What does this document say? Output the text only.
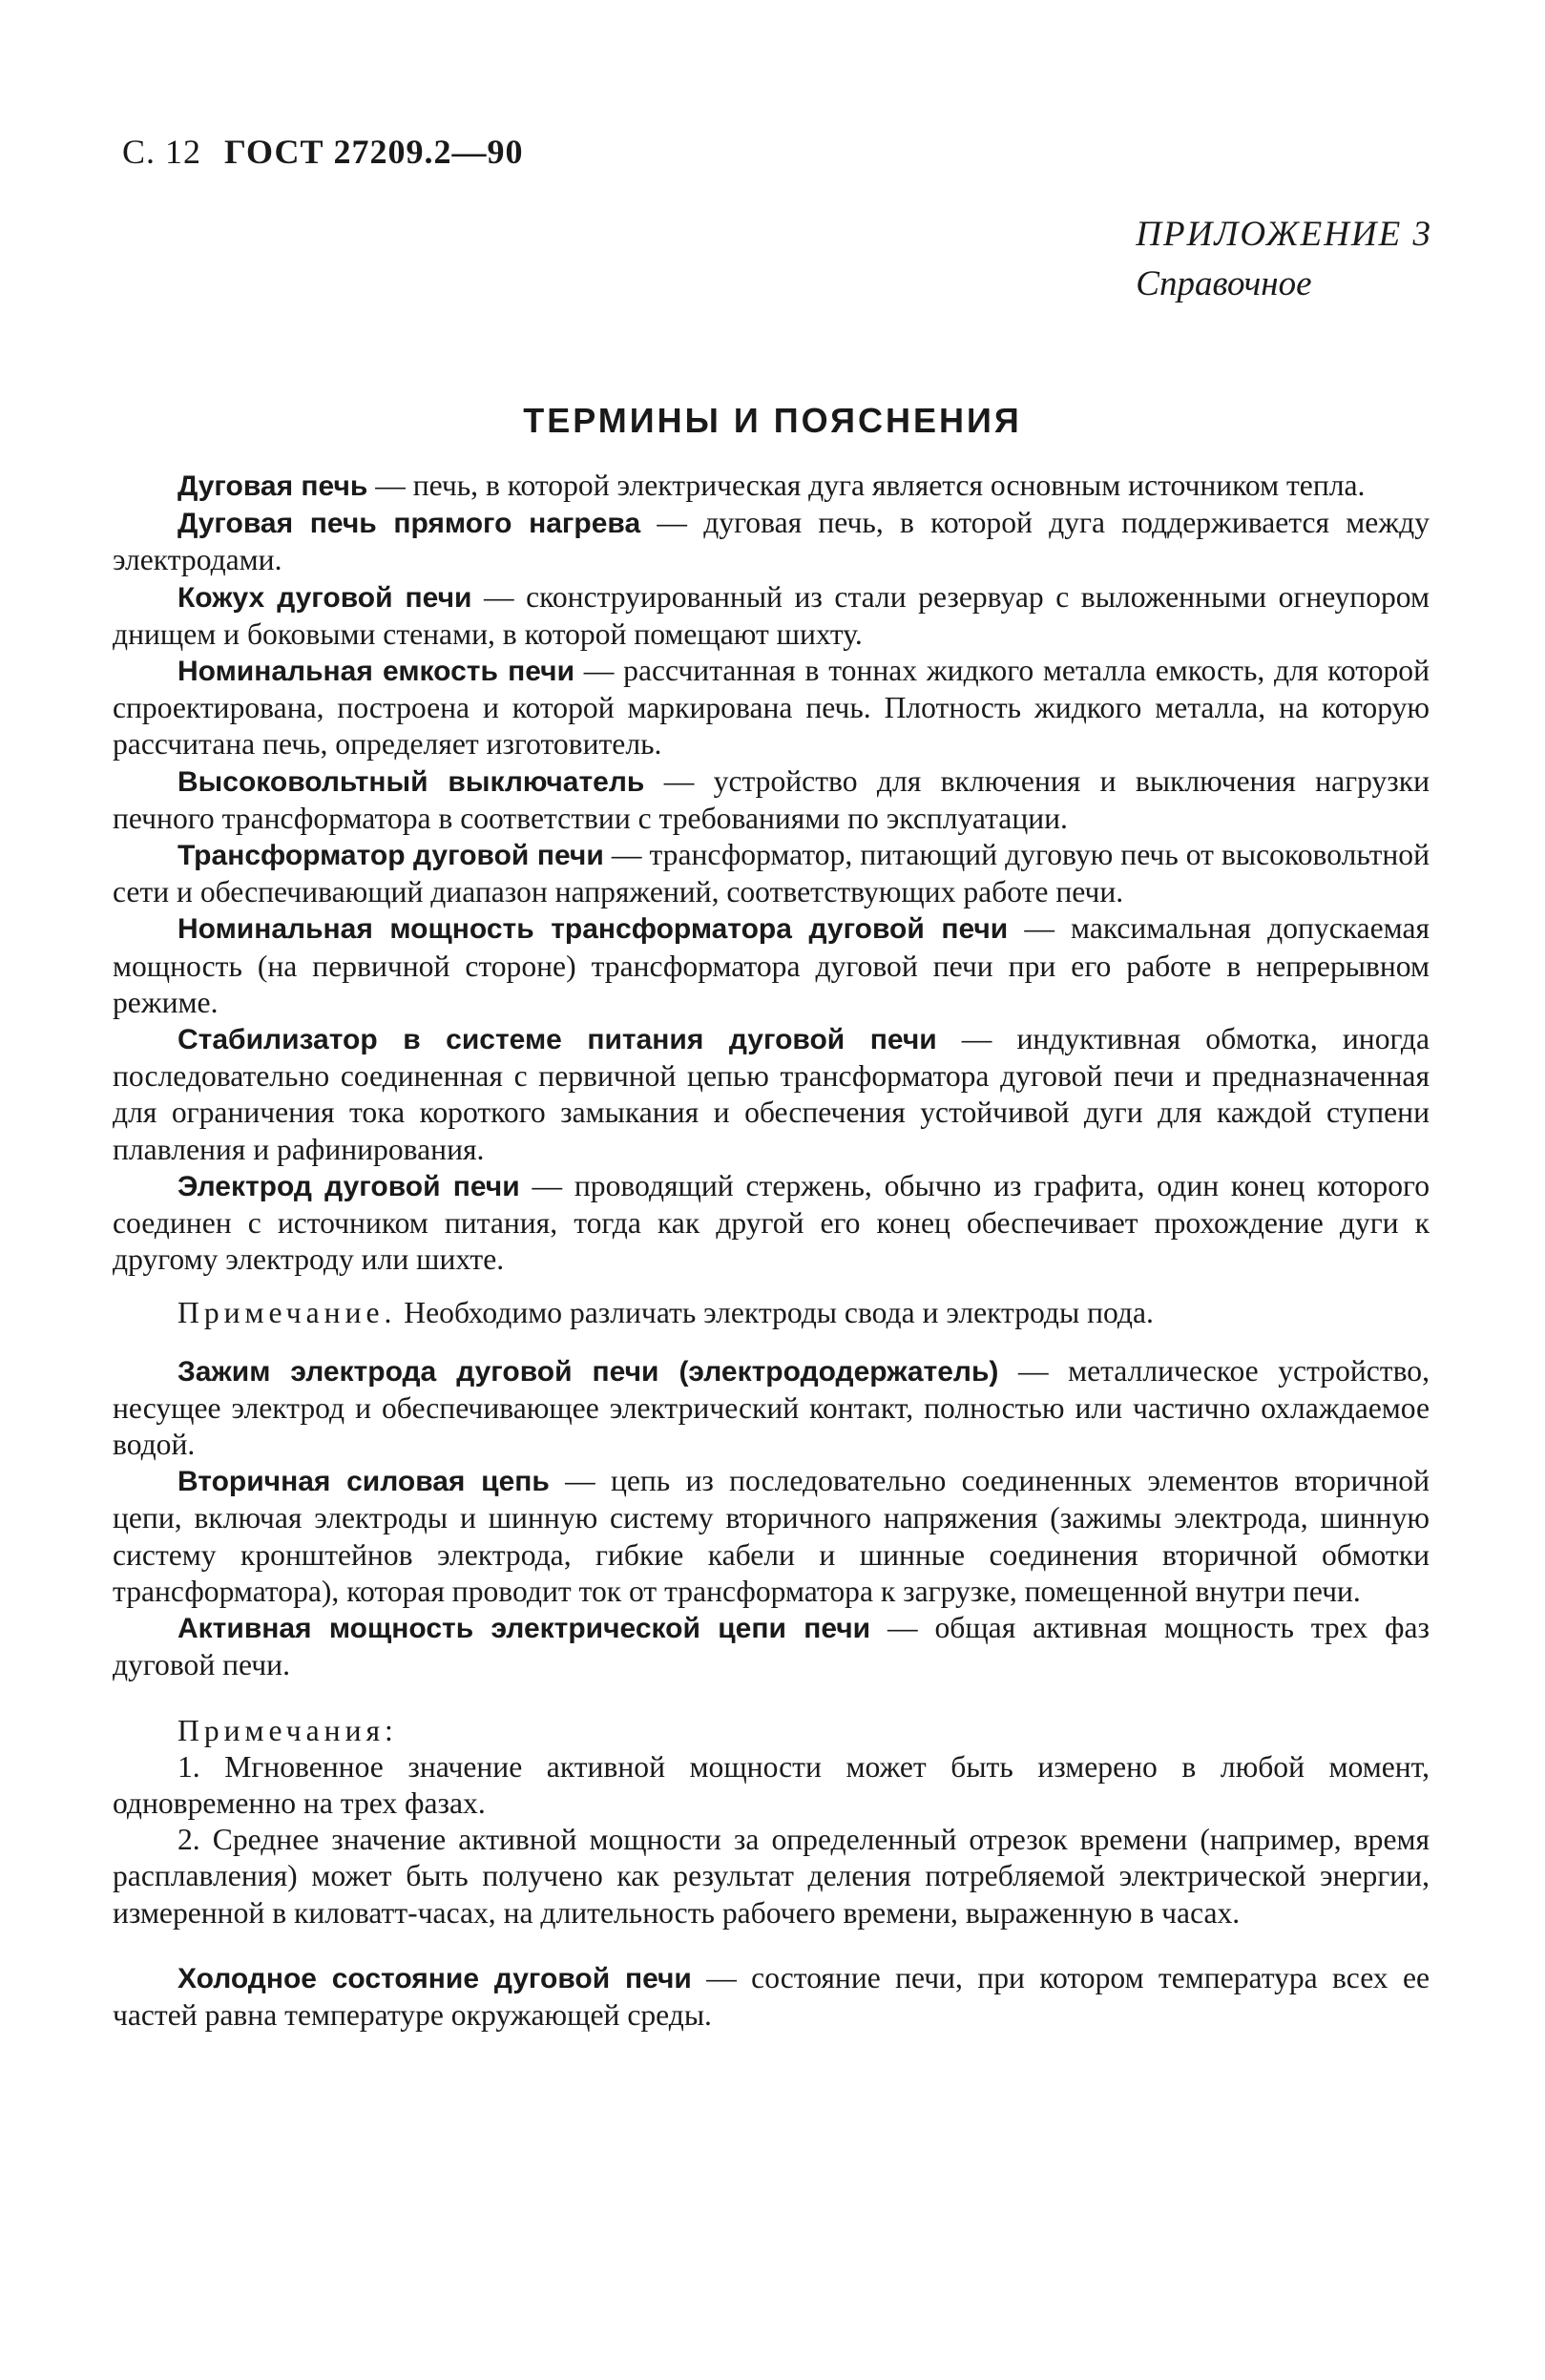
С. 12 ГОСТ 27209.2—90
ПРИЛОЖЕНИЕ 3
Справочное
ТЕРМИНЫ И ПОЯСНЕНИЯ

Дуговая печь — печь, в которой электрическая дуга является основным источником тепла.

Дуговая печь прямого нагрева — дуговая печь, в которой дуга поддерживается между электродами.

Кожух дуговой печи — сконструированный из стали резервуар с выложенными огнеупором днищем и боковыми стенами, в которой помещают шихту.

Номинальная емкость печи — рассчитанная в тоннах жидкого металла емкость, для которой спроектирована, построена и которой маркирована печь. Плотность жидкого металла, на которую рассчитана печь, определяет изготовитель.

Высоковольтный выключатель — устройство для включения и выключения нагрузки печного трансформатора в соответствии с требованиями по эксплуатации.

Трансформатор дуговой печи — трансформатор, питающий дуговую печь от высоковольтной сети и обеспечивающий диапазон напряжений, соответствующих работе печи.

Номинальная мощность трансформатора дуговой печи — максимальная допускаемая мощность (на первичной стороне) трансформатора дуговой печи при его работе в непрерывном режиме.

Стабилизатор в системе питания дуговой печи — индуктивная обмотка, иногда последовательно соединенная с первичной цепью трансформатора дуговой печи и предназначенная для ограничения тока короткого замыкания и обеспечения устойчивой дуги для каждой ступени плавления и рафинирования.

Электрод дуговой печи — проводящий стержень, обычно из графита, один конец которого соединен с источником питания, тогда как другой его конец обеспечивает прохождение дуги к другому электроду или шихте.

Примечание. Необходимо различать электроды свода и электроды пода.

Зажим электрода дуговой печи (электрододержатель) — металлическое устройство, несущее электрод и обеспечивающее электрический контакт, полностью или частично охлаждаемое водой.

Вторичная силовая цепь — цепь из последовательно соединенных элементов вторичной цепи, включая электроды и шинную систему вторичного напряжения (зажимы электрода, шинную систему кронштейнов электрода, гибкие кабели и шинные соединения вторичной обмотки трансформатора), которая проводит ток от трансформатора к загрузке, помещенной внутри печи.

Активная мощность электрической цепи печи — общая активная мощность трех фаз дуговой печи.

Примечания:

1. Мгновенное значение активной мощности может быть измерено в любой момент, одновременно на трех фазах.

2. Среднее значение активной мощности за определенный отрезок времени (например, время расплавления) может быть получено как результат деления потребляемой электрической энергии, измеренной в киловатт-часах, на длительность рабочего времени, выраженную в часах.

Холодное состояние дуговой печи — состояние печи, при котором температура всех ее частей равна температуре окружающей среды.
